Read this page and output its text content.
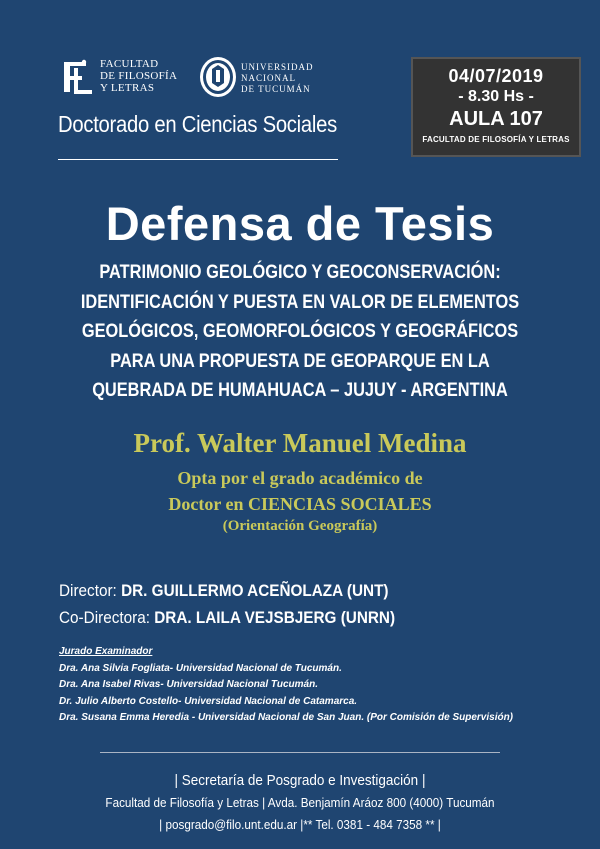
FACULTAD
DE FILOSOFÍA
Y LETRAS
UNIVERSIDAD
NACIONAL
DE TUCUMÁN
Doctorado en Ciencias Sociales
04/07/2019
- 8.30 Hs -
AULA 107
FACULTAD DE FILOSOFÍA Y LETRAS
Defensa de Tesis
PATRIMONIO GEOLÓGICO Y GEOCONSERVACIÓN:
IDENTIFICACIÓN Y PUESTA EN VALOR DE ELEMENTOS
GEOLÓGICOS, GEOMORFOLÓGICOS Y GEOGRÁFICOS
PARA UNA PROPUESTA DE GEOPARQUE EN LA
QUEBRADA DE HUMAHUACA – JUJUY - ARGENTINA
Prof. Walter Manuel Medina
Opta por el grado académico de
Doctor en CIENCIAS SOCIALES
(Orientación Geografía)
Director: DR. GUILLERMO ACEÑOLAZA (UNT)
Co-Directora: DRA. LAILA VEJSBJERG (UNRN)
Jurado Examinador
Dra. Ana Silvia Fogliata- Universidad Nacional de Tucumán.
Dra. Ana Isabel Rivas- Universidad Nacional Tucumán.
Dr. Julio Alberto Costello- Universidad Nacional de Catamarca.
Dra. Susana Emma Heredia - Universidad Nacional de San Juan. (Por Comisión de Supervisión)
| Secretaría de Posgrado e Investigación |
Facultad de Filosofía y Letras | Avda. Benjamín Aráoz 800 (4000) Tucumán
| posgrado@filo.unt.edu.ar |** Tel. 0381 - 484 7358 ** |
